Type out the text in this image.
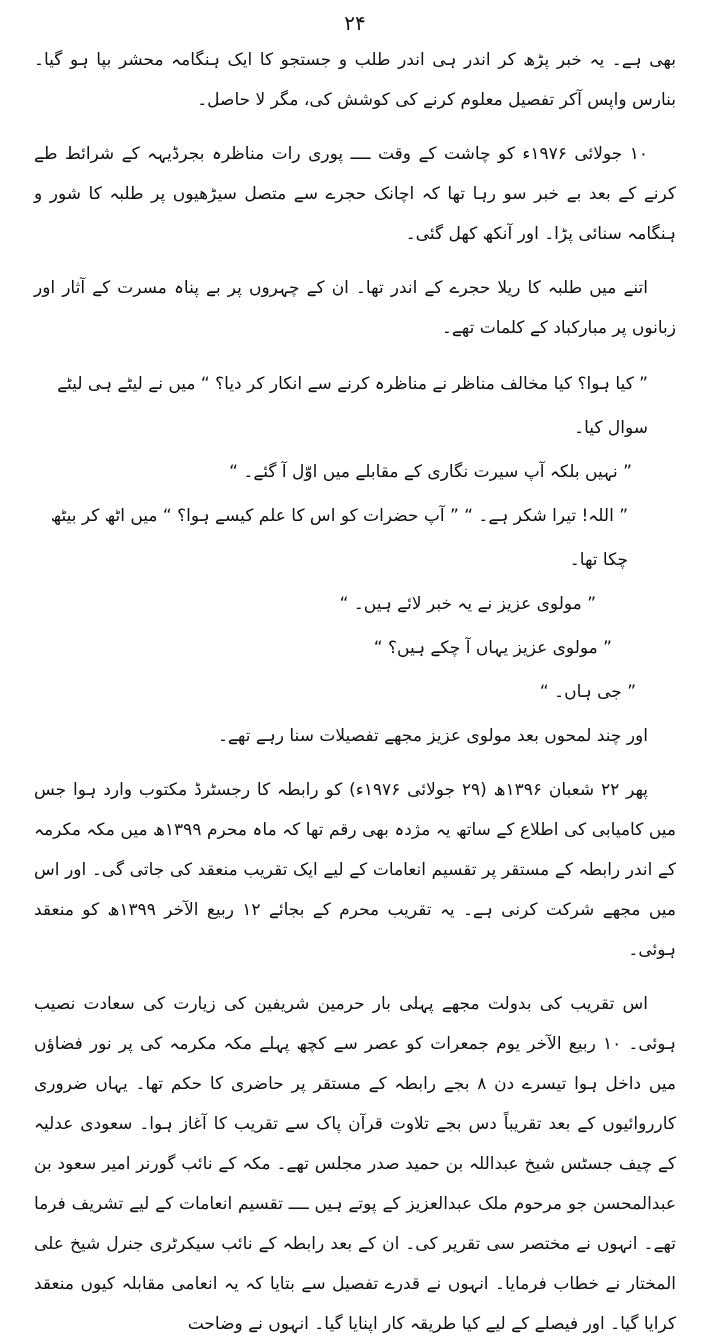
۲۴

بھی ہے۔ یہ خبر پڑھ کر اندر ہی اندر طلب و جستجو کا ایک ہنگامہ محشر بپا ہو گیا۔ بنارس واپس آکر تفصیل معلوم کرنے کی کوشش کی، مگر لا حاصل۔

۱۰ جولائی ۱۹۷۶ء کو چاشت کے وقت ــــ پوری رات مناظرہ بجرڈیہہ کے شرائط طے کرنے کے بعد بے خبر سو رہا تھا کہ اچانک حجرے سے متصل سیڑھیوں پر طلبہ کا شور و ہنگامہ سنائی پڑا۔ اور آنکھ کھل گئی۔

اتنے میں طلبہ کا ریلا حجرے کے اندر تھا۔ ان کے چہروں پر بے پناہ مسرت کے آثار اور زبانوں پر مبارکباد کے کلمات تھے۔

” کیا ہوا؟ کیا مخالف مناظر نے مناظرہ کرنے سے انکار کر دیا؟ “ میں نے لیٹے ہی لیٹے سوال کیا۔

” نہیں بلکہ آپ سیرت نگاری کے مقابلے میں اوّل آ گئے۔ “

” اللہ! تیرا شکر ہے۔ “ ” آپ حضرات کو اس کا علم کیسے ہوا؟ “ میں اٹھ کر بیٹھ چکا تھا۔

” مولوی عزیز نے یہ خبر لائے ہیں۔ “

” مولوی عزیز یہاں آ چکے ہیں؟ “

” جی ہاں۔ “

اور چند لمحوں بعد مولوی عزیز مجھے تفصیلات سنا رہے تھے۔

پھر ۲۲ شعبان ۱۳۹۶ھ (۲۹ جولائی ۱۹۷۶ء) کو رابطہ کا رجسٹرڈ مکتوب وارد ہوا جس میں کامیابی کی اطلاع کے ساتھ یہ مژدہ بھی رقم تھا کہ ماہ محرم ۱۳۹۹ھ میں مکہ مکرمہ کے اندر رابطہ کے مستقر پر تقسیم انعامات کے لیے ایک تقریب منعقد کی جاتی گی۔ اور اس میں مجھے شرکت کرنی ہے۔ یہ تقریب محرم کے بجائے ۱۲ ربیع الآخر ۱۳۹۹ھ کو منعقد ہوئی۔

اس تقریب کی بدولت مجھے پہلی بار حرمین شریفین کی زیارت کی سعادت نصیب ہوئی۔ ۱۰ ربیع الآخر یوم جمعرات کو عصر سے کچھ پہلے مکہ مکرمہ کی پر نور فضاؤں میں داخل ہوا تیسرے دن ۸ بجے رابطہ کے مستقر پر حاضری کا حکم تھا۔ یہاں ضروری کارروائیوں کے بعد تقریباً دس بجے تلاوت قرآن پاک سے تقریب کا آغاز ہوا۔ سعودی عدلیہ کے چیف جسٹس شیخ عبداللہ بن حمید صدر مجلس تھے۔ مکہ کے نائب گورنر امیر سعود بن عبدالمحسن جو مرحوم ملک عبدالعزیز کے پوتے ہیں ــــ تقسیم انعامات کے لیے تشریف فرما تھے۔ انہوں نے مختصر سی تقریر کی۔ ان کے بعد رابطہ کے نائب سیکرٹری جنرل شیخ علی المختار نے خطاب فرمایا۔ انہوں نے قدرے تفصیل سے بتایا کہ یہ انعامی مقابلہ کیوں منعقد کرایا گیا۔ اور فیصلے کے لیے کیا طریقہ کار اپنایا گیا۔ انہوں نے وضاحت
